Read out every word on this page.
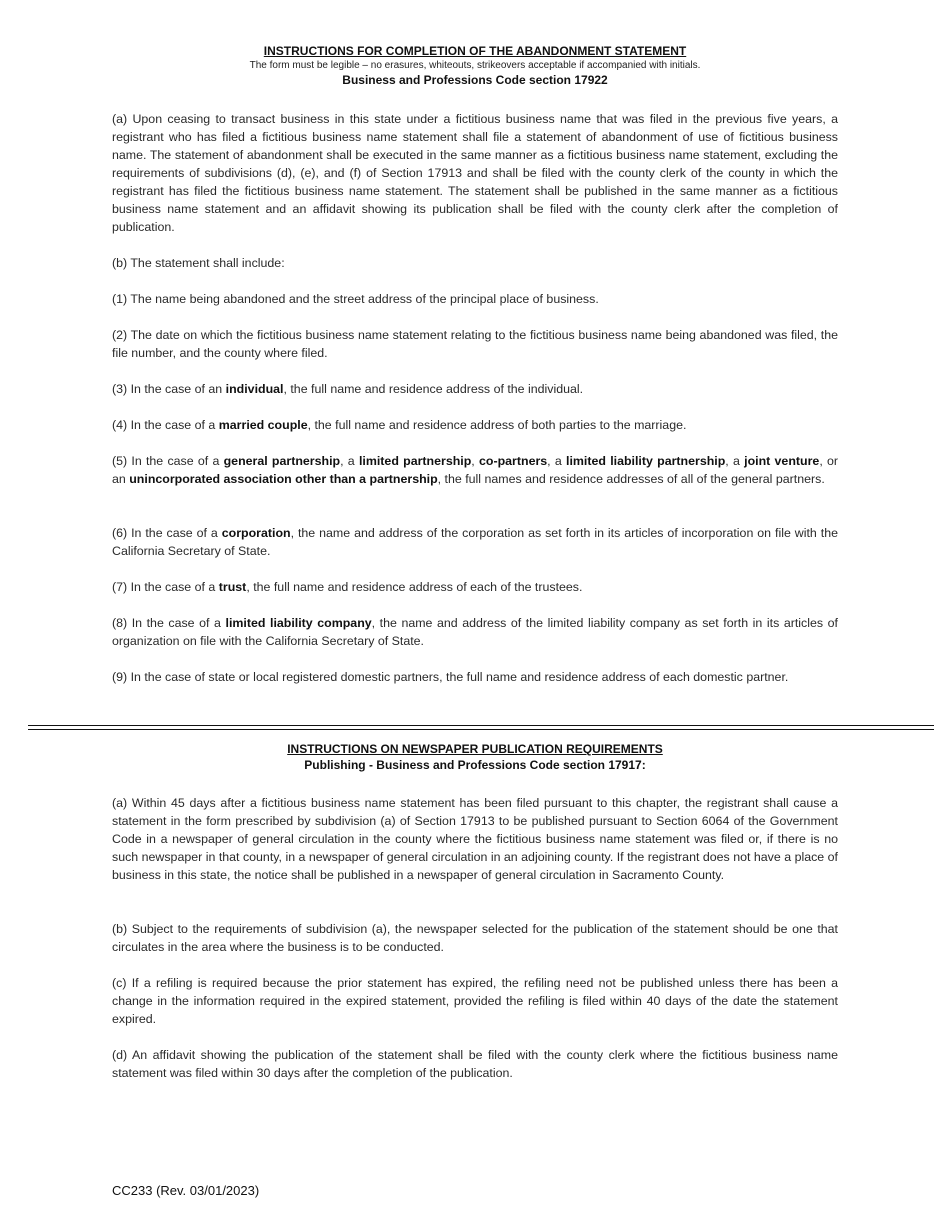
INSTRUCTIONS FOR COMPLETION OF THE ABANDONMENT STATEMENT
The form must be legible – no erasures, whiteouts, strikeovers acceptable if accompanied with initials.
Business and Professions Code section 17922

(a) Upon ceasing to transact business in this state under a fictitious business name that was filed in the previous five years, a registrant who has filed a fictitious business name statement shall file a statement of abandonment of use of fictitious business name. The statement of abandonment shall be executed in the same manner as a fictitious business name statement, excluding the requirements of subdivisions (d), (e), and (f) of Section 17913 and shall be filed with the county clerk of the county in which the registrant has filed the fictitious business name statement. The statement shall be published in the same manner as a fictitious business name statement and an affidavit showing its publication shall be filed with the county clerk after the completion of publication.

(b) The statement shall include:

(1) The name being abandoned and the street address of the principal place of business.

(2) The date on which the fictitious business name statement relating to the fictitious business name being abandoned was filed, the file number, and the county where filed.

(3) In the case of an individual, the full name and residence address of the individual.

(4) In the case of a married couple, the full name and residence address of both parties to the marriage.

(5) In the case of a general partnership, a limited partnership, co-partners, a limited liability partnership, a joint venture, or an unincorporated association other than a partnership, the full names and residence addresses of all of the general partners.

(6) In the case of a corporation, the name and address of the corporation as set forth in its articles of incorporation on file with the California Secretary of State.

(7) In the case of a trust, the full name and residence address of each of the trustees.

(8) In the case of a limited liability company, the name and address of the limited liability company as set forth in its articles of organization on file with the California Secretary of State.

(9) In the case of state or local registered domestic partners, the full name and residence address of each domestic partner.

INSTRUCTIONS ON NEWSPAPER PUBLICATION REQUIREMENTS
Publishing - Business and Professions Code section 17917:

(a) Within 45 days after a fictitious business name statement has been filed pursuant to this chapter, the registrant shall cause a statement in the form prescribed by subdivision (a) of Section 17913 to be published pursuant to Section 6064 of the Government Code in a newspaper of general circulation in the county where the fictitious business name statement was filed or, if there is no such newspaper in that county, in a newspaper of general circulation in an adjoining county. If the registrant does not have a place of business in this state, the notice shall be published in a newspaper of general circulation in Sacramento County.

(b) Subject to the requirements of subdivision (a), the newspaper selected for the publication of the statement should be one that circulates in the area where the business is to be conducted.

(c) If a refiling is required because the prior statement has expired, the refiling need not be published unless there has been a change in the information required in the expired statement, provided the refiling is filed within 40 days of the date the statement expired.

(d) An affidavit showing the publication of the statement shall be filed with the county clerk where the fictitious business name statement was filed within 30 days after the completion of the publication.

CC233 (Rev. 03/01/2023)
